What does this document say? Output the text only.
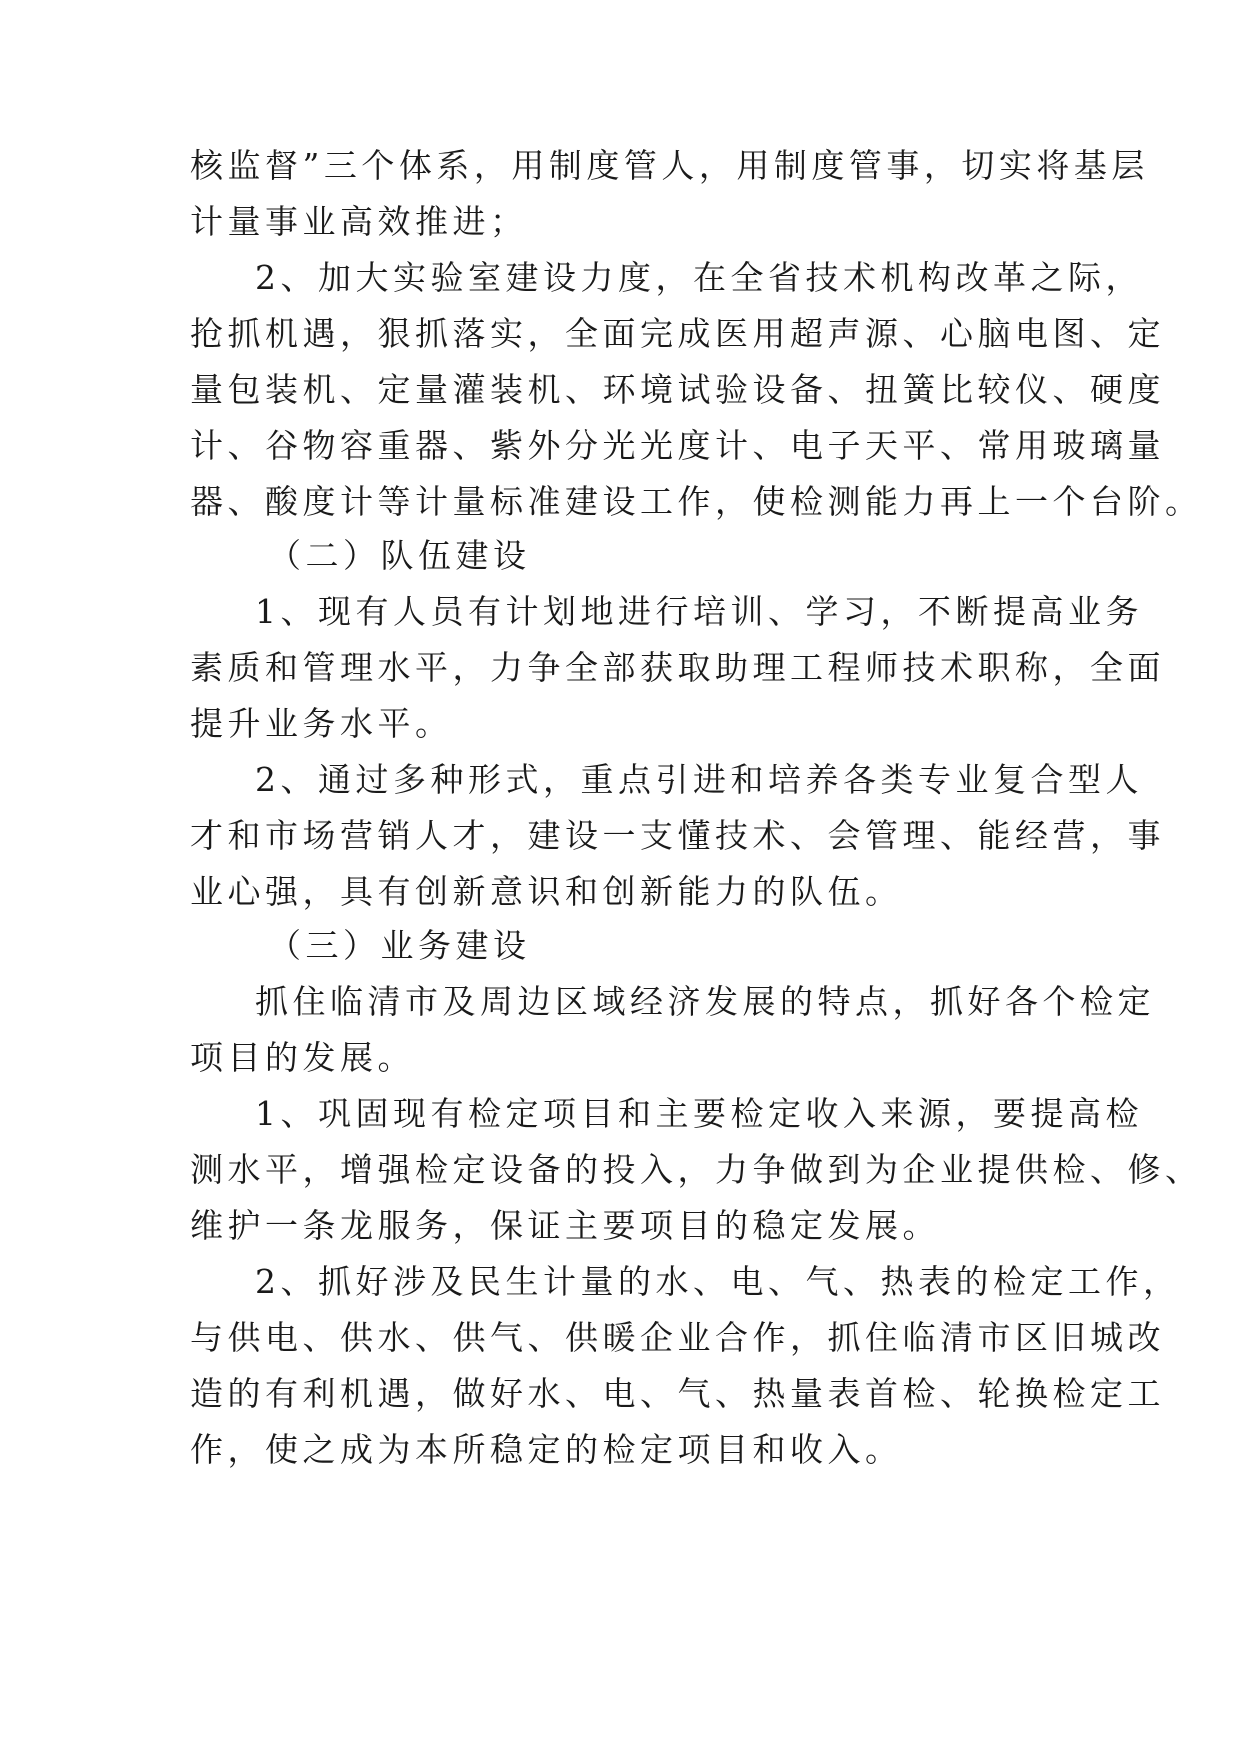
核监督”三个体系，用制度管人，用制度管事，切实将基层
计量事业高效推进；
2、加大实验室建设力度，在全省技术机构改革之际，
抢抓机遇，狠抓落实，全面完成医用超声源、心脑电图、定
量包装机、定量灌装机、环境试验设备、扭簧比较仪、硬度
计、谷物容重器、紫外分光光度计、电子天平、常用玻璃量
器、酸度计等计量标准建设工作，使检测能力再上一个台阶。
（二）队伍建设
1、现有人员有计划地进行培训、学习，不断提高业务
素质和管理水平，力争全部获取助理工程师技术职称，全面
提升业务水平。
2、通过多种形式，重点引进和培养各类专业复合型人
才和市场营销人才，建设一支懂技术、会管理、能经营，事
业心强，具有创新意识和创新能力的队伍。
（三）业务建设
抓住临清市及周边区域经济发展的特点，抓好各个检定
项目的发展。
1、巩固现有检定项目和主要检定收入来源，要提高检
测水平，增强检定设备的投入，力争做到为企业提供检、修、
维护一条龙服务，保证主要项目的稳定发展。
2、抓好涉及民生计量的水、电、气、热表的检定工作，
与供电、供水、供气、供暖企业合作，抓住临清市区旧城改
造的有利机遇，做好水、电、气、热量表首检、轮换检定工
作，使之成为本所稳定的检定项目和收入。
